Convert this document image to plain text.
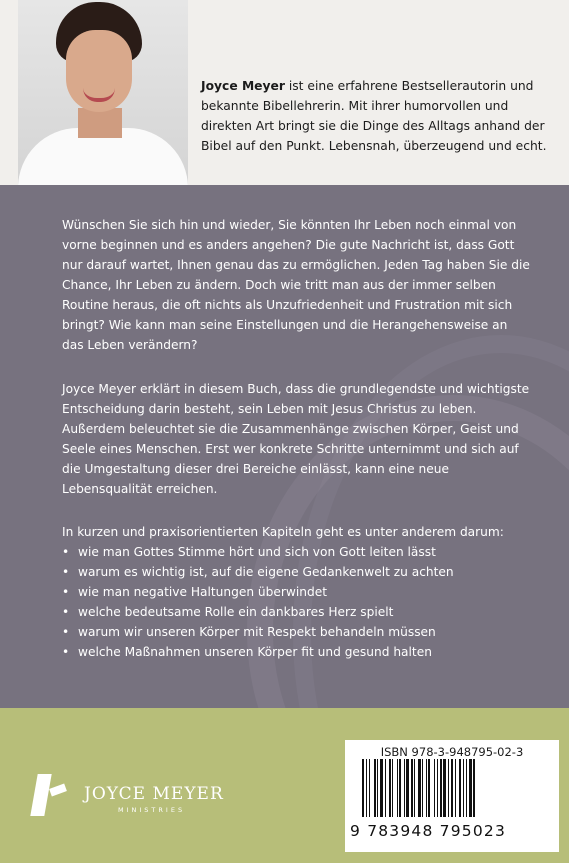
Joyce Meyer ist eine erfahrene Bestsellerautorin und bekannte Bibellehrerin. Mit ihrer humorvollen und direkten Art bringt sie die Dinge des Alltags anhand der Bibel auf den Punkt. Lebensnah, überzeugend und echt.

Wünschen Sie sich hin und wieder, Sie könnten Ihr Leben noch einmal von vorne beginnen und es anders angehen? Die gute Nachricht ist, dass Gott nur darauf wartet, Ihnen genau das zu ermöglichen. Jeden Tag haben Sie die Chance, Ihr Leben zu ändern. Doch wie tritt man aus der immer selben Routine heraus, die oft nichts als Unzufriedenheit und Frustration mit sich bringt? Wie kann man seine Einstellungen und die Herangehensweise an das Leben verändern?

Joyce Meyer erklärt in diesem Buch, dass die grundlegendste und wichtigste Entscheidung darin besteht, sein Leben mit Jesus Christus zu leben. Außerdem beleuchtet sie die Zusammenhänge zwischen Körper, Geist und Seele eines Menschen. Erst wer konkrete Schritte unternimmt und sich auf die Umgestaltung dieser drei Bereiche einlässt, kann eine neue Lebensqualität erreichen.

In kurzen und praxisorientierten Kapiteln geht es unter anderem darum:

• wie man Gottes Stimme hört und sich von Gott leiten lässt
• warum es wichtig ist, auf die eigene Gedankenwelt zu achten
• wie man negative Haltungen überwindet
• welche bedeutsame Rolle ein dankbares Herz spielt
• warum wir unseren Körper mit Respekt behandeln müssen
• welche Maßnahmen unseren Körper fit und gesund halten
JOYCE MEYER
MINISTRIES
ISBN 978-3-948795-02-3
9 783948 795023
